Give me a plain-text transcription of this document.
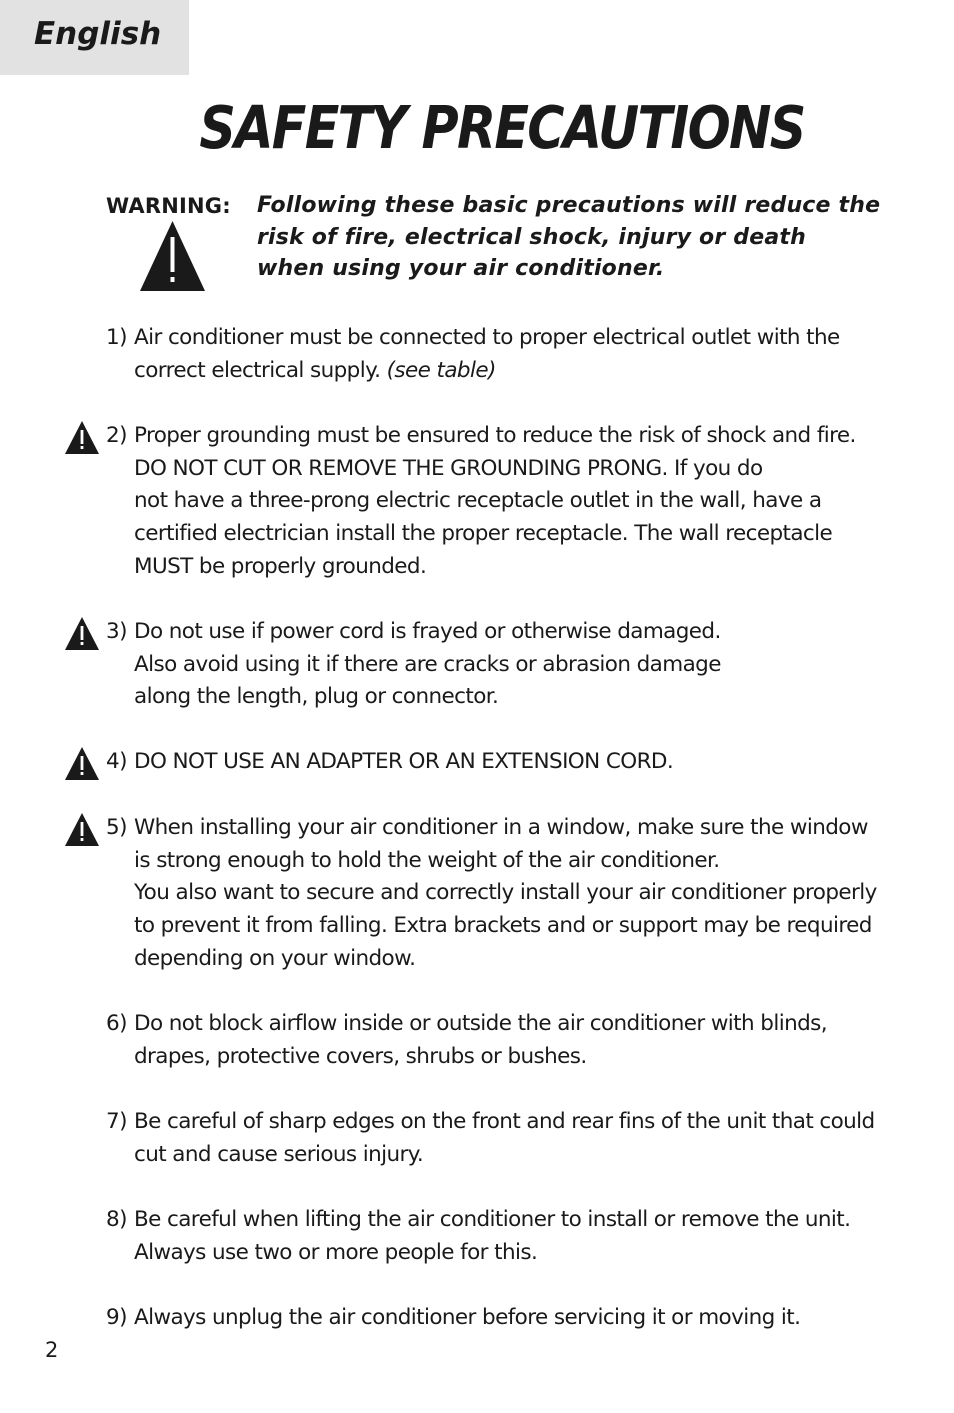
English
SAFETY PRECAUTIONS
WARNING: Following these basic precautions will reduce the
risk of fire, electrical shock, injury or death
when using your air conditioner.
1) Air conditioner must be connected to proper electrical outlet with the
correct electrical supply. (see table)
2) Proper grounding must be ensured to reduce the risk of shock and fire.
DO NOT CUT OR REMOVE THE GROUNDING PRONG. If you do
not have a three-prong electric receptacle outlet in the wall, have a
certified electrician install the proper receptacle. The wall receptacle
MUST be properly grounded.
3) Do not use if power cord is frayed or otherwise damaged.
Also avoid using it if there are cracks or abrasion damage
along the length, plug or connector.
4) DO NOT USE AN ADAPTER OR AN EXTENSION CORD.
5) When installing your air conditioner in a window, make sure the window
is strong enough to hold the weight of the air conditioner.
You also want to secure and correctly install your air conditioner properly
to prevent it from falling. Extra brackets and or support may be required
depending on your window.
6) Do not block airflow inside or outside the air conditioner with blinds,
drapes, protective covers, shrubs or bushes.
7) Be careful of sharp edges on the front and rear fins of the unit that could
cut and cause serious injury.
8) Be careful when lifting the air conditioner to install or remove the unit.
Always use two or more people for this.
9) Always unplug the air conditioner before servicing it or moving it.
2
